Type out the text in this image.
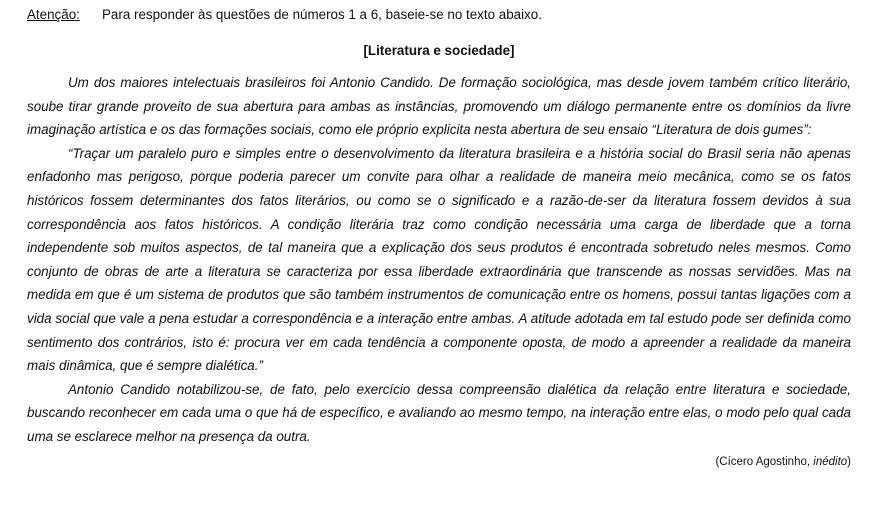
Atenção:	Para responder às questões de números 1 a 6, baseie-se no texto abaixo.
[Literatura e sociedade]

Um dos maiores intelectuais brasileiros foi Antonio Candido. De formação sociológica, mas desde jovem também crítico literário, soube tirar grande proveito de sua abertura para ambas as instâncias, promovendo um diálogo permanente entre os domínios da livre imaginação artística e os das formações sociais, como ele próprio explicita nesta abertura de seu ensaio “Literatura de dois gumes”:

“Traçar um paralelo puro e simples entre o desenvolvimento da literatura brasileira e a história social do Brasil seria não apenas enfadonho mas perigoso, porque poderia parecer um convite para olhar a realidade de maneira meio mecânica, como se os fatos históricos fossem determinantes dos fatos literários, ou como se o significado e a razão-de-ser da literatura fossem devidos à sua correspondência aos fatos históricos. A condição literária traz como condição necessária uma carga de liberdade que a torna independente sob muitos aspectos, de tal maneira que a explicação dos seus produtos é encontrada sobretudo neles mesmos. Como conjunto de obras de arte a literatura se caracteriza por essa liberdade extraordinária que transcende as nossas servidões. Mas na medida em que é um sistema de produtos que são também instrumentos de comunicação entre os homens, possui tantas ligações com a vida social que vale a pena estudar a correspondência e a interação entre ambas. A atitude adotada em tal estudo pode ser definida como sentimento dos contrários, isto é: procura ver em cada tendência a componente oposta, de modo a apreender a realidade da maneira mais dinâmica, que é sempre dialética.”

Antonio Candido notabilizou-se, de fato, pelo exercício dessa compreensão dialética da relação entre literatura e sociedade, buscando reconhecer em cada uma o que há de específico, e avaliando ao mesmo tempo, na interação entre elas, o modo pelo qual cada uma se esclarece melhor na presença da outra.

(Cícero Agostinho, inédito)
